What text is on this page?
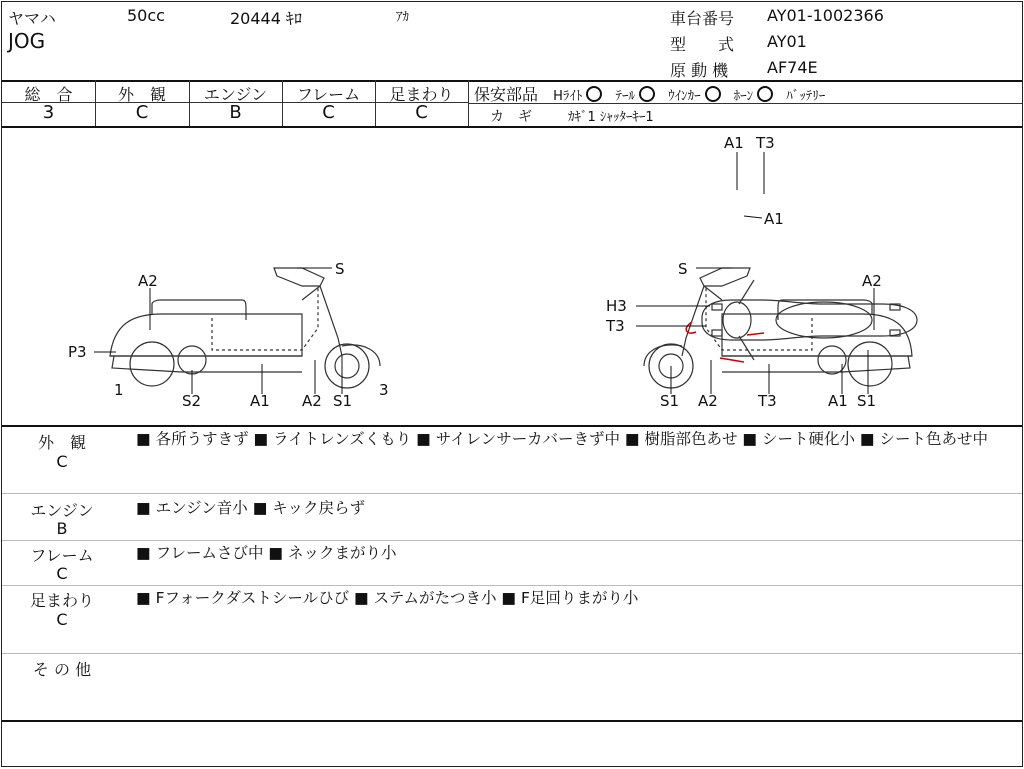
ヤマハ	50cc	20444 ｷﾛ	ｱｶ
JOG
車台番号 AY01-1002366
型　　式 AY01
原 動 機 AF74E
総　合
3
外　観
C
エンジン
B
フレーム
C
足まわり
C
保安部品 Hﾗｲﾄ	ﾃｰﾙ	ｳｲﾝｶｰ	ﾎｰﾝ	ﾊﾞｯﾃﾘｰ
カ　ギ	ｶｷﾞ1 ｼｬｯﾀｰｷｰ1
A1 T3
A1
S
A2
P3
1
S2	A1 A2 S1
3
S
A2
H3
T3
S1 A2	T3	A1 S1
外　観
C
■ 各所うすきず ■ ライトレンズくもり ■ サイレンサーカバーきず中 ■ 樹脂部色あせ ■ シート硬化小 ■ シート色あせ中
エンジン
B
■ エンジン音小 ■ キック戻らず
フレーム
C
■ フレームさび中 ■ ネックまがり小
足まわり
C
■ Fフォークダストシールひび ■ ステムがたつき小 ■ F足回りまがり小
そ の 他
